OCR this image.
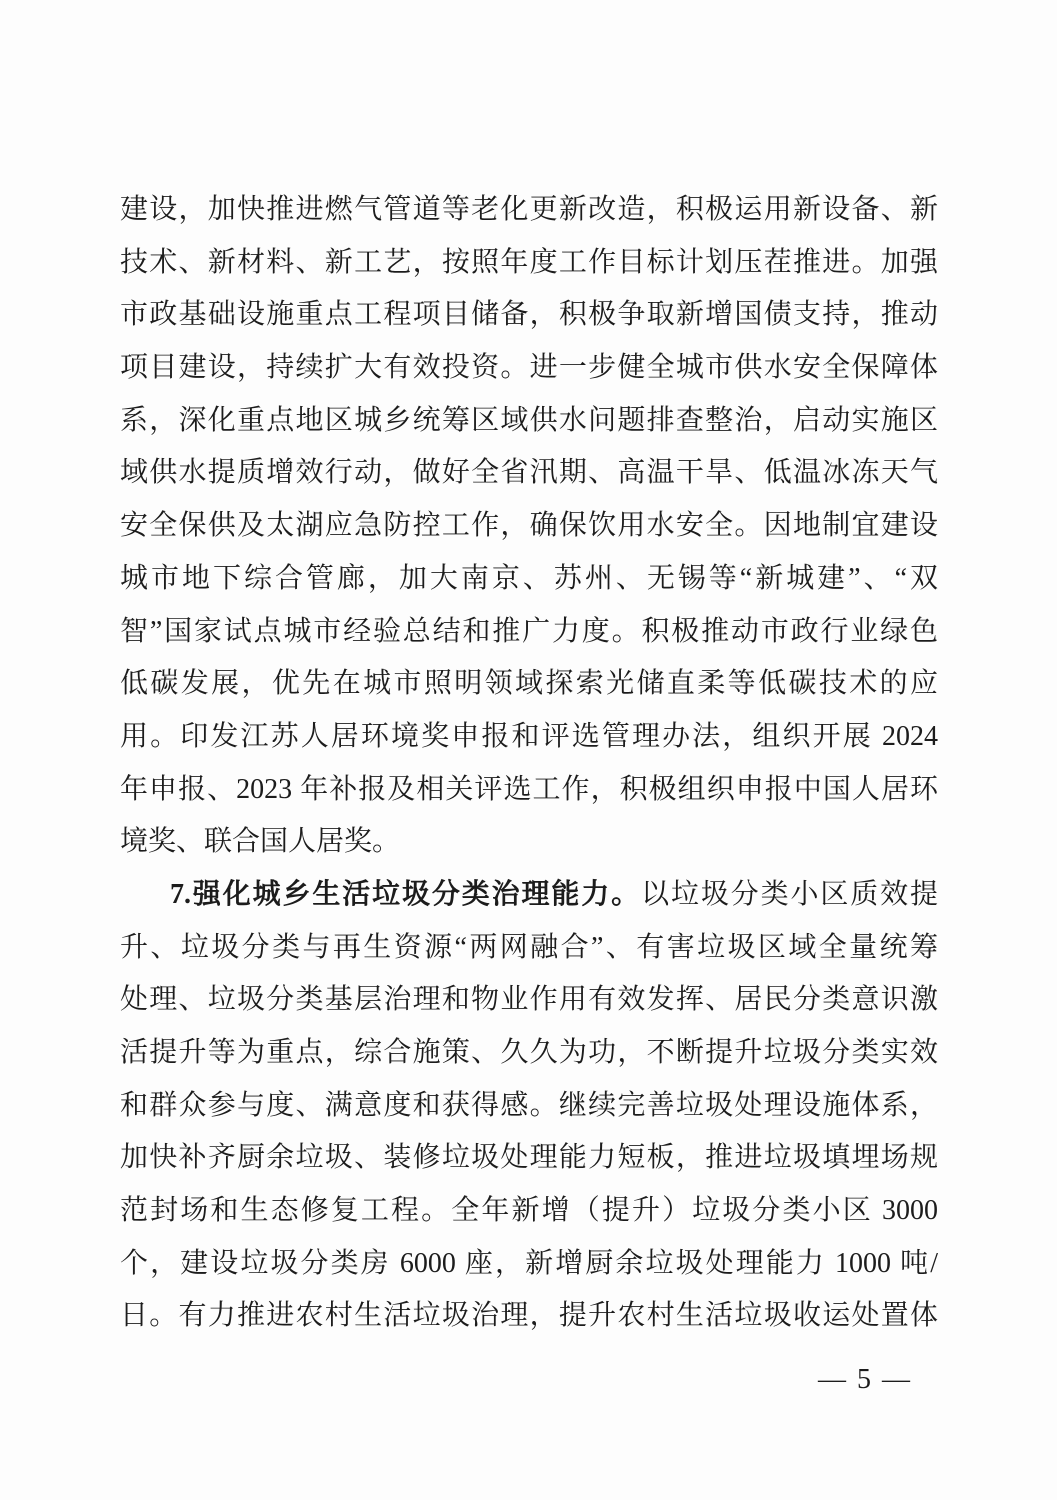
建设，加快推进燃气管道等老化更新改造，积极运用新设备、新
技术、新材料、新工艺，按照年度工作目标计划压茬推进。加强
市政基础设施重点工程项目储备，积极争取新增国债支持，推动
项目建设，持续扩大有效投资。进一步健全城市供水安全保障体
系，深化重点地区城乡统筹区域供水问题排查整治，启动实施区
域供水提质增效行动，做好全省汛期、高温干旱、低温冰冻天气
安全保供及太湖应急防控工作，确保饮用水安全。因地制宜建设
城市地下综合管廊，加大南京、苏州、无锡等“新城建”、“双
智”国家试点城市经验总结和推广力度。积极推动市政行业绿色
低碳发展，优先在城市照明领域探索光储直柔等低碳技术的应
用。印发江苏人居环境奖申报和评选管理办法，组织开展 2024
年申报、2023 年补报及相关评选工作，积极组织申报中国人居环
境奖、联合国人居奖。
7.强化城乡生活垃圾分类治理能力。以垃圾分类小区质效提
升、垃圾分类与再生资源“两网融合”、有害垃圾区域全量统筹
处理、垃圾分类基层治理和物业作用有效发挥、居民分类意识激
活提升等为重点，综合施策、久久为功，不断提升垃圾分类实效
和群众参与度、满意度和获得感。继续完善垃圾处理设施体系，
加快补齐厨余垃圾、装修垃圾处理能力短板，推进垃圾填埋场规
范封场和生态修复工程。全年新增（提升）垃圾分类小区 3000
个，建设垃圾分类房 6000 座，新增厨余垃圾处理能力 1000 吨/
日。有力推进农村生活垃圾治理，提升农村生活垃圾收运处置体
— 5 —
